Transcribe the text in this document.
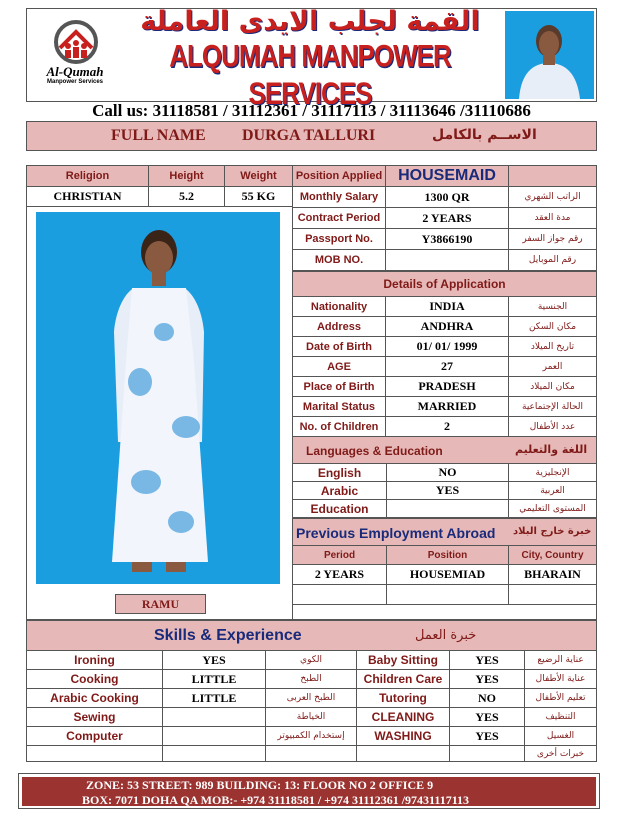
Al-Qumah
Manpower Services
القمة لجلب الايدى العاملة
ALQUMAH MANPOWER SERVICES
Call us: 31118581 / 31112361 / 31117113 / 31113646 /31110686
FULL NAME DURGA TALLURI	الاســم بالكامل
Religion	Height	Weight
CHRISTIAN	5.2	55 KG
RAMU
Position Applied HOUSEMAID
Monthly Salary	1300 QR	الراتب الشهري
Contract Period	2 YEARS	مدة العقد
Passport No.	Y3866190	رقم جواز السفر
MOB NO.	رقم الموبايل
Details of Application
Nationality	INDIA	الجنسية
Address	ANDHRA	مكان السكن
Date of Birth	01/ 01/ 1999	تاريخ الميلاد
AGE	27	العمر
Place of Birth	PRADESH	مكان الميلاد
Marital Status	MARRIED	الحالة الإجتماعية
No. of Children	2	عدد الأطفال
Languages & Education	اللغة والتعليم
English	NO	الإنجليزية
Arabic	YES	العربية
Education	المستوى التعليمي
Previous Employment Abroad خبرة خارج البلاد
Period	Position	City, Country
2 YEARS	HOUSEMIAD	BHARAIN
Skills & Experience	خبرة العمل
Ironing	YES	الكوي	Baby Sitting	YES	عناية الرضيع
Cooking	LITTLE	الطبخ	Children Care	YES	عناية الأطفال
Arabic Cooking	LITTLE	الطبخ العربى	Tutoring	NO	تعليم الأطفال
Sewing	الخياطة	CLEANING	YES	التنظيف
Computer	إستخدام الكمبيوتر	WASHING	YES	الغسيل
خبرات أخرى
ZONE: 53 STREET: 989 BUILDING: 13: FLOOR NO 2 OFFICE 9
BOX: 7071 DOHA QA MOB:- +974 31118581 / +974 31112361 /97431117113
